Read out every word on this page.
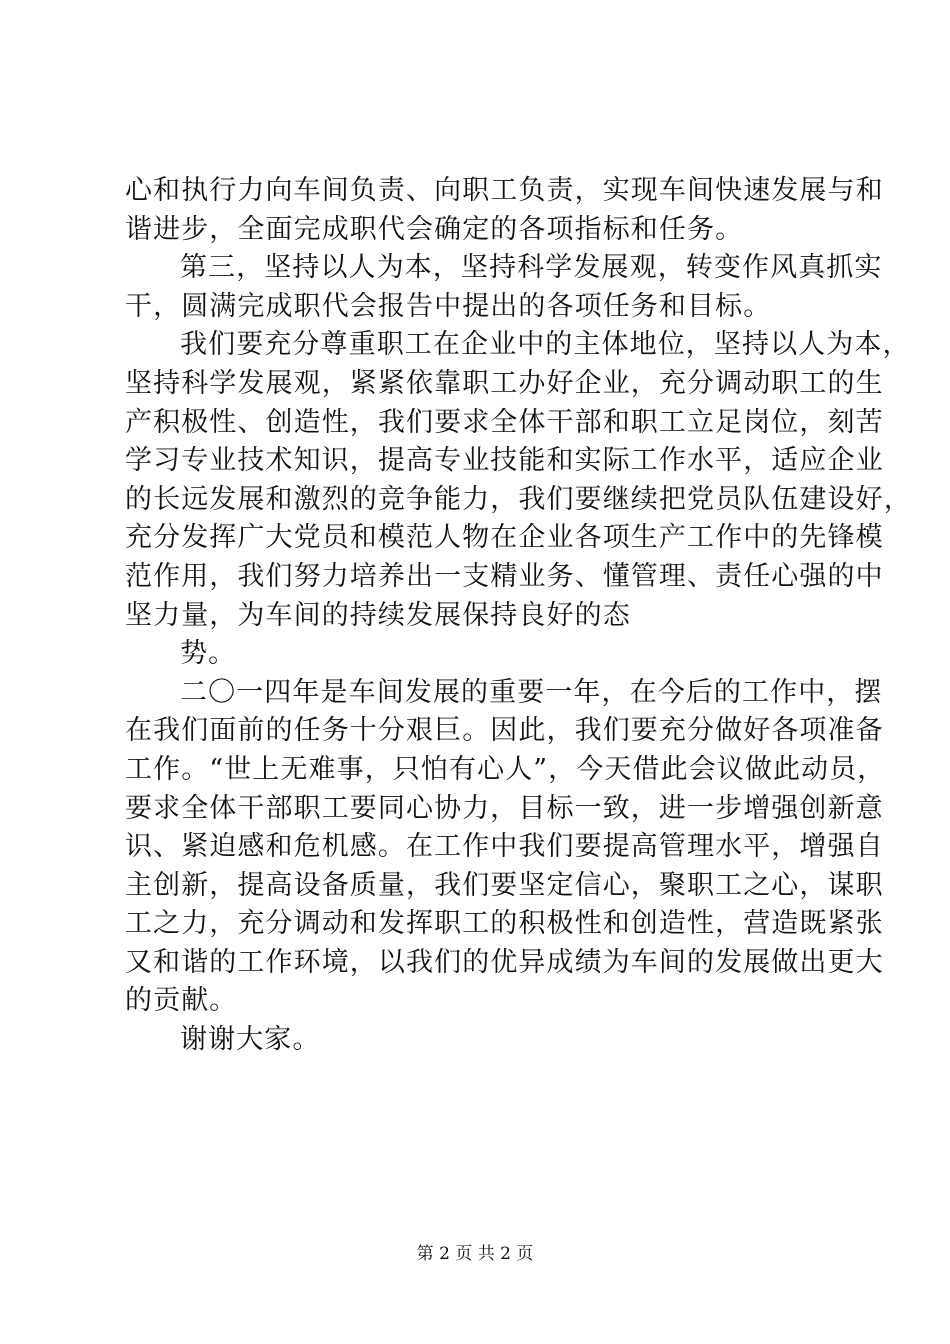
心和执行力向车间负责、向职工负责，实现车间快速发展与和
谐进步，全面完成职代会确定的各项指标和任务。
第三，坚持以人为本，坚持科学发展观，转变作风真抓实
干，圆满完成职代会报告中提出的各项任务和目标。
我们要充分尊重职工在企业中的主体地位，坚持以人为本，
坚持科学发展观，紧紧依靠职工办好企业，充分调动职工的生
产积极性、创造性，我们要求全体干部和职工立足岗位，刻苦
学习专业技术知识，提高专业技能和实际工作水平，适应企业
的长远发展和激烈的竞争能力，我们要继续把党员队伍建设好，
充分发挥广大党员和模范人物在企业各项生产工作中的先锋模
范作用，我们努力培养出一支精业务、懂管理、责任心强的中
坚力量，为车间的持续发展保持良好的态
势。
二〇一四年是车间发展的重要一年，在今后的工作中，摆
在我们面前的任务十分艰巨。因此，我们要充分做好各项准备
工作。“世上无难事，只怕有心人”，今天借此会议做此动员，
要求全体干部职工要同心协力，目标一致，进一步增强创新意
识、紧迫感和危机感。在工作中我们要提高管理水平，增强自
主创新，提高设备质量，我们要坚定信心，聚职工之心，谋职
工之力，充分调动和发挥职工的积极性和创造性，营造既紧张
又和谐的工作环境，以我们的优异成绩为车间的发展做出更大
的贡献。
谢谢大家。
第 2 页 共 2 页
